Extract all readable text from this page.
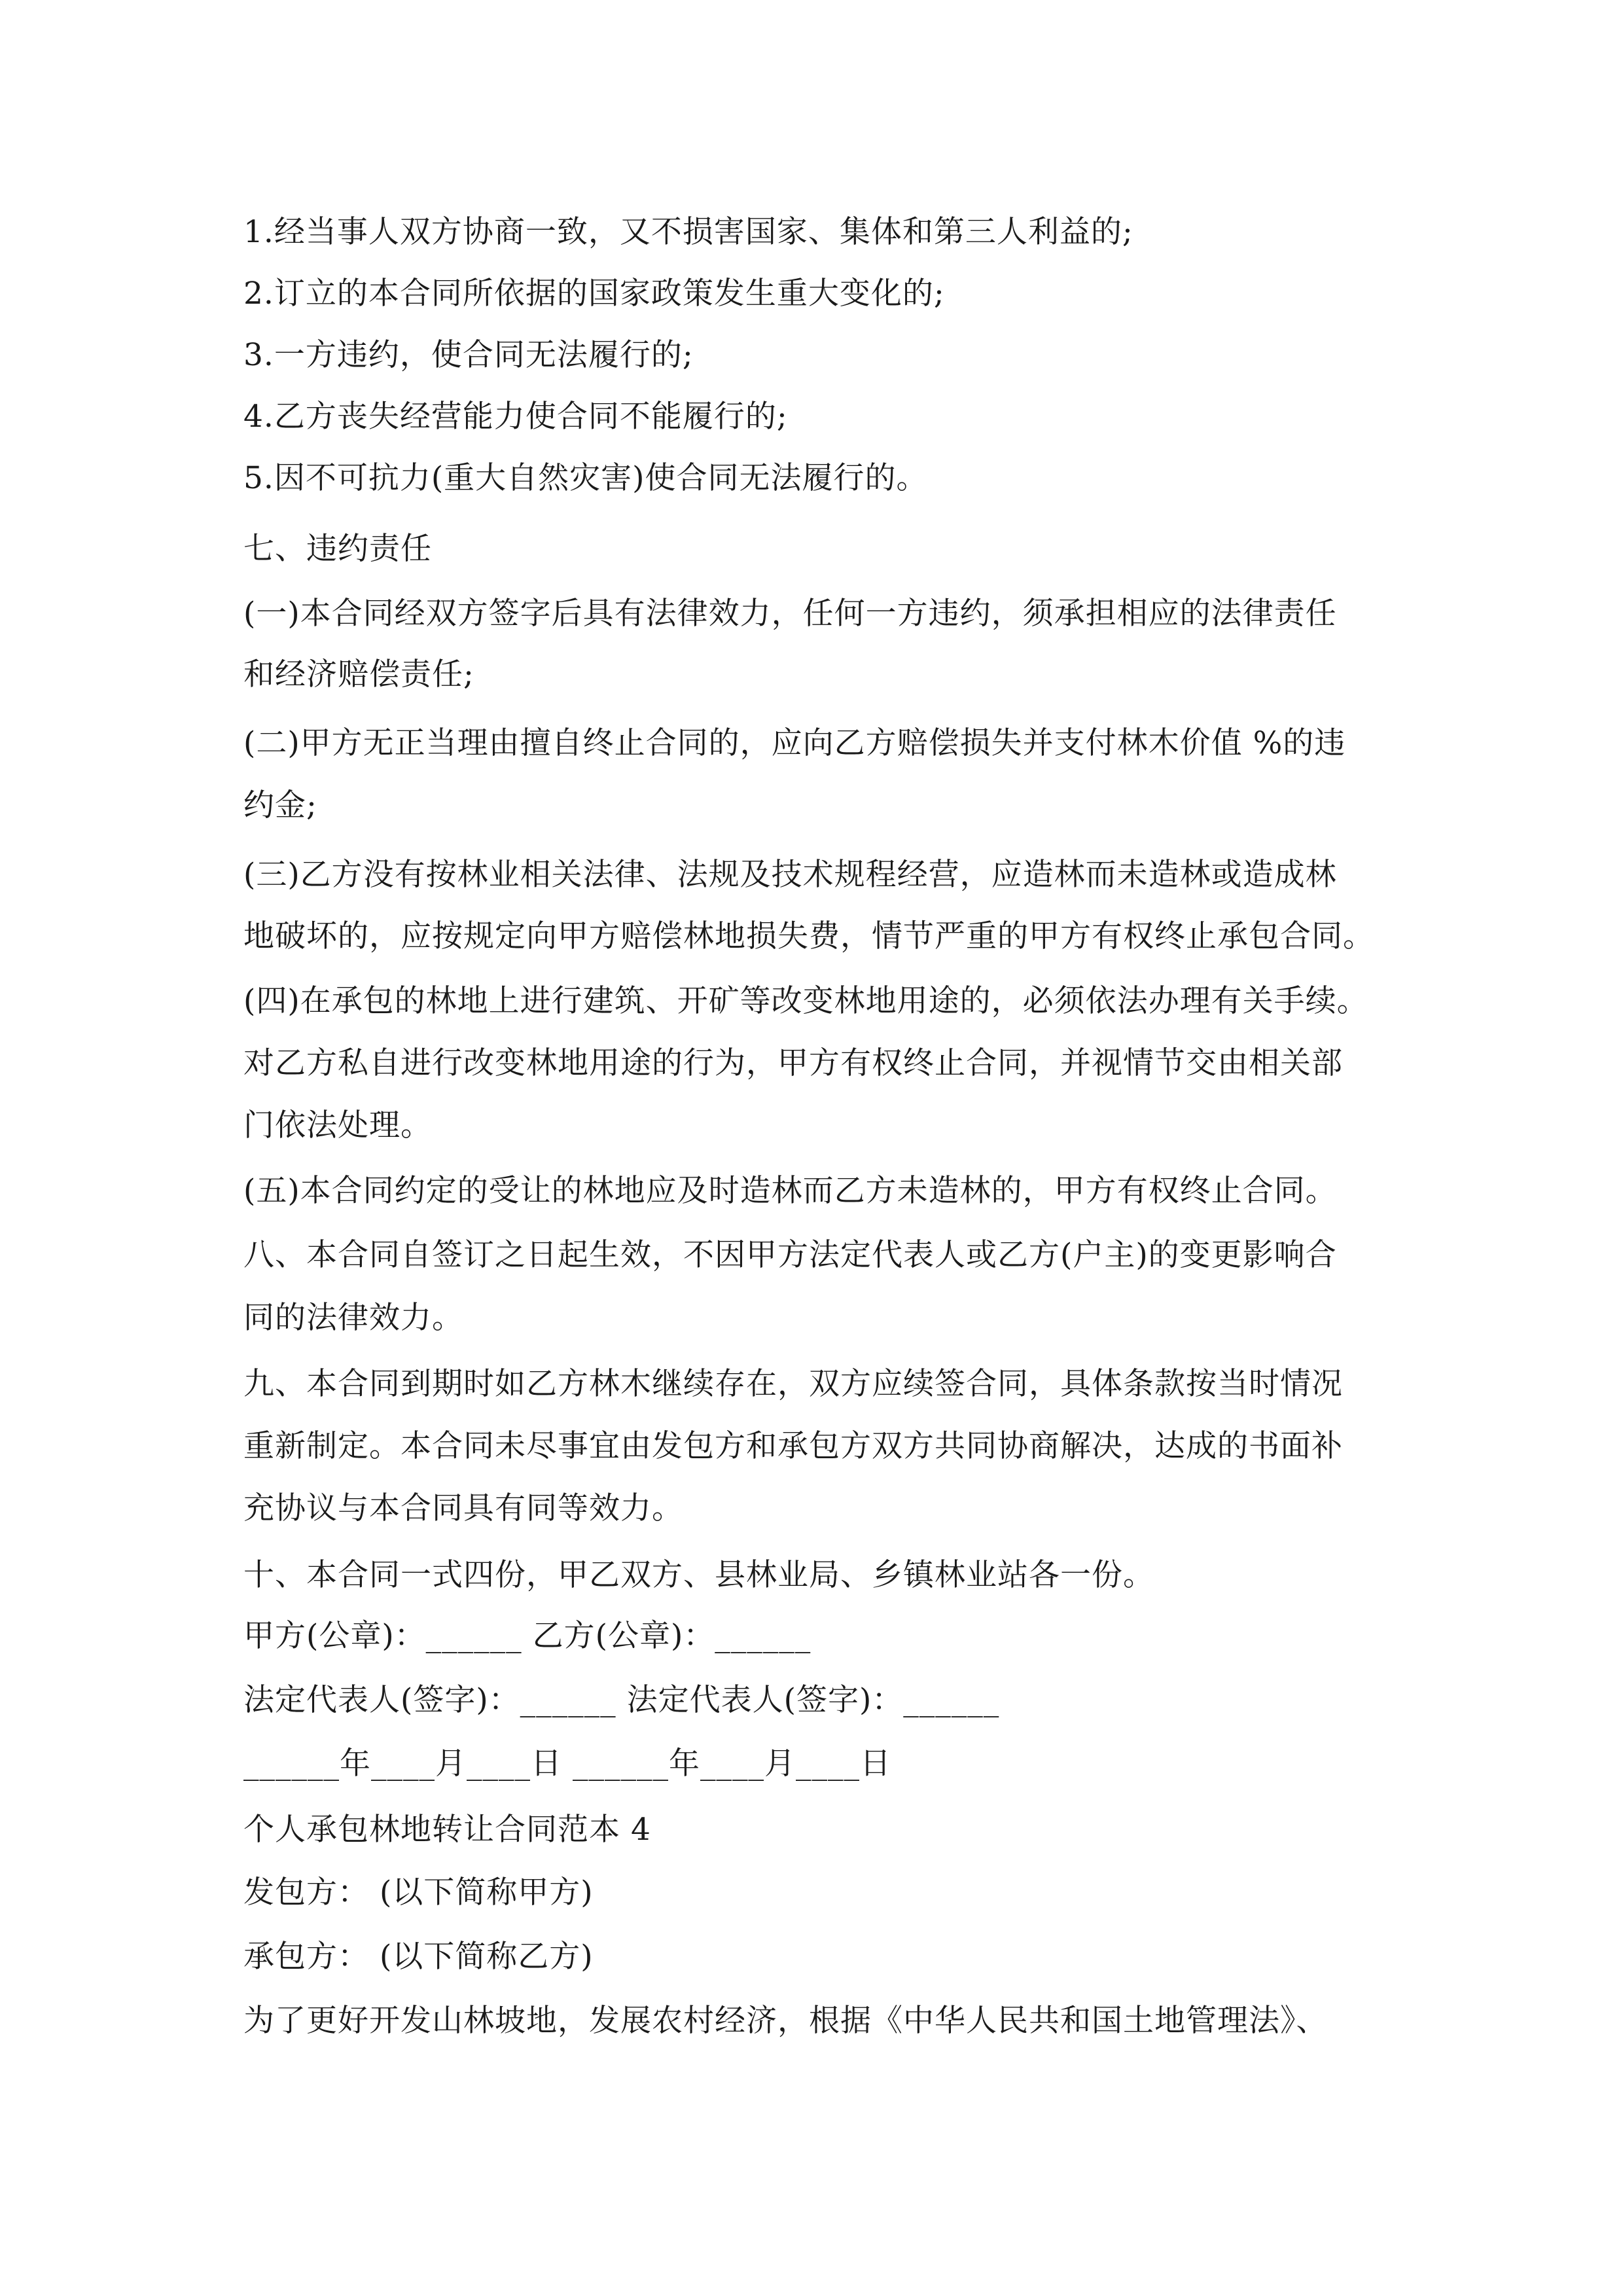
1.经当事人双方协商一致，又不损害国家、集体和第三人利益的;
2.订立的本合同所依据的国家政策发生重大变化的;
3.一方违约，使合同无法履行的;
4.乙方丧失经营能力使合同不能履行的;
5.因不可抗力(重大自然灾害)使合同无法履行的。
七、违约责任
(一)本合同经双方签字后具有法律效力，任何一方违约，须承担相应的法律责任
和经济赔偿责任;
(二)甲方无正当理由擅自终止合同的，应向乙方赔偿损失并支付林木价值 %的违
约金;
(三)乙方没有按林业相关法律、法规及技术规程经营，应造林而未造林或造成林
地破坏的，应按规定向甲方赔偿林地损失费，情节严重的甲方有权终止承包合同。
(四)在承包的林地上进行建筑、开矿等改变林地用途的，必须依法办理有关手续。
对乙方私自进行改变林地用途的行为，甲方有权终止合同，并视情节交由相关部
门依法处理。
(五)本合同约定的受让的林地应及时造林而乙方未造林的，甲方有权终止合同。
八、本合同自签订之日起生效，不因甲方法定代表人或乙方(户主)的变更影响合
同的法律效力。
九、本合同到期时如乙方林木继续存在，双方应续签合同，具体条款按当时情况
重新制定。本合同未尽事宜由发包方和承包方双方共同协商解决，达成的书面补
充协议与本合同具有同等效力。
十、本合同一式四份，甲乙双方、县林业局、乡镇林业站各一份。
甲方(公章)：______ 乙方(公章)：______
法定代表人(签字)：______ 法定代表人(签字)：______
______年____月____日 ______年____月____日
个人承包林地转让合同范本 4
发包方： (以下简称甲方)
承包方： (以下简称乙方)
为了更好开发山林坡地，发展农村经济，根据《中华人民共和国土地管理法》、
